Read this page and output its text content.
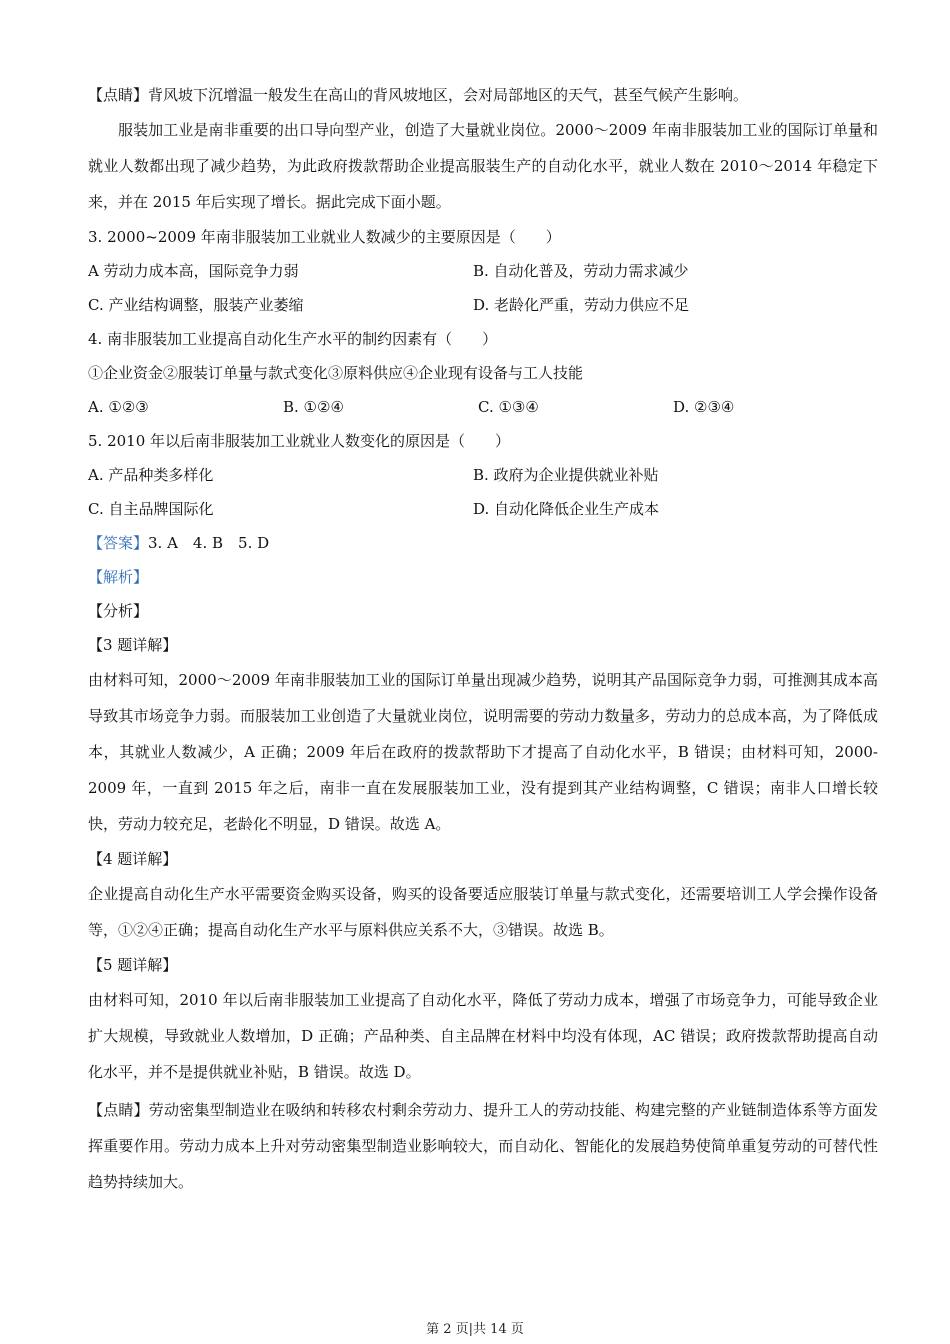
【点睛】背风坡下沉增温一般发生在高山的背风坡地区，会对局部地区的天气，甚至气候产生影响。
服装加工业是南非重要的出口导向型产业，创造了大量就业岗位。2000～2009 年南非服装加工业的国际订单量和就业人数都出现了减少趋势，为此政府拨款帮助企业提高服装生产的自动化水平，就业人数在 2010～2014 年稳定下来，并在 2015 年后实现了增长。据此完成下面小题。
3. 2000~2009 年南非服装加工业就业人数减少的主要原因是（　　）
A 劳动力成本高，国际竞争力弱	B. 自动化普及，劳动力需求减少
C. 产业结构调整，服装产业萎缩	D. 老龄化严重，劳动力供应不足
4. 南非服装加工业提高自动化生产水平的制约因素有（　　）
①企业资金②服装订单量与款式变化③原料供应④企业现有设备与工人技能
A. ①②③	B. ①②④	C. ①③④	D. ②③④
5. 2010 年以后南非服装加工业就业人数变化的原因是（　　）
A. 产品种类多样化	B. 政府为企业提供就业补贴
C. 自主品牌国际化	D. 自动化降低企业生产成本
【答案】3. A　4. B　5. D
【解析】
【分析】
【3 题详解】
由材料可知，2000～2009 年南非服装加工业的国际订单量出现减少趋势，说明其产品国际竞争力弱，可推测其成本高导致其市场竞争力弱。而服装加工业创造了大量就业岗位，说明需要的劳动力数量多，劳动力的总成本高，为了降低成本，其就业人数减少，A 正确；2009 年后在政府的拨款帮助下才提高了自动化水平，B 错误；由材料可知，2000-2009 年，一直到 2015 年之后，南非一直在发展服装加工业，没有提到其产业结构调整，C 错误；南非人口增长较快，劳动力较充足，老龄化不明显，D 错误。故选 A。
【4 题详解】
企业提高自动化生产水平需要资金购买设备，购买的设备要适应服装订单量与款式变化，还需要培训工人学会操作设备等，①②④正确；提高自动化生产水平与原料供应关系不大，③错误。故选 B。
【5 题详解】
由材料可知，2010 年以后南非服装加工业提高了自动化水平，降低了劳动力成本，增强了市场竞争力，可能导致企业扩大规模，导致就业人数增加，D 正确；产品种类、自主品牌在材料中均没有体现，AC 错误；政府拨款帮助提高自动化水平，并不是提供就业补贴，B 错误。故选 D。
【点睛】劳动密集型制造业在吸纳和转移农村剩余劳动力、提升工人的劳动技能、构建完整的产业链制造体系等方面发挥重要作用。劳动力成本上升对劳动密集型制造业影响较大，而自动化、智能化的发展趋势使简单重复劳动的可替代性趋势持续加大。
第 2 页|共 14 页
